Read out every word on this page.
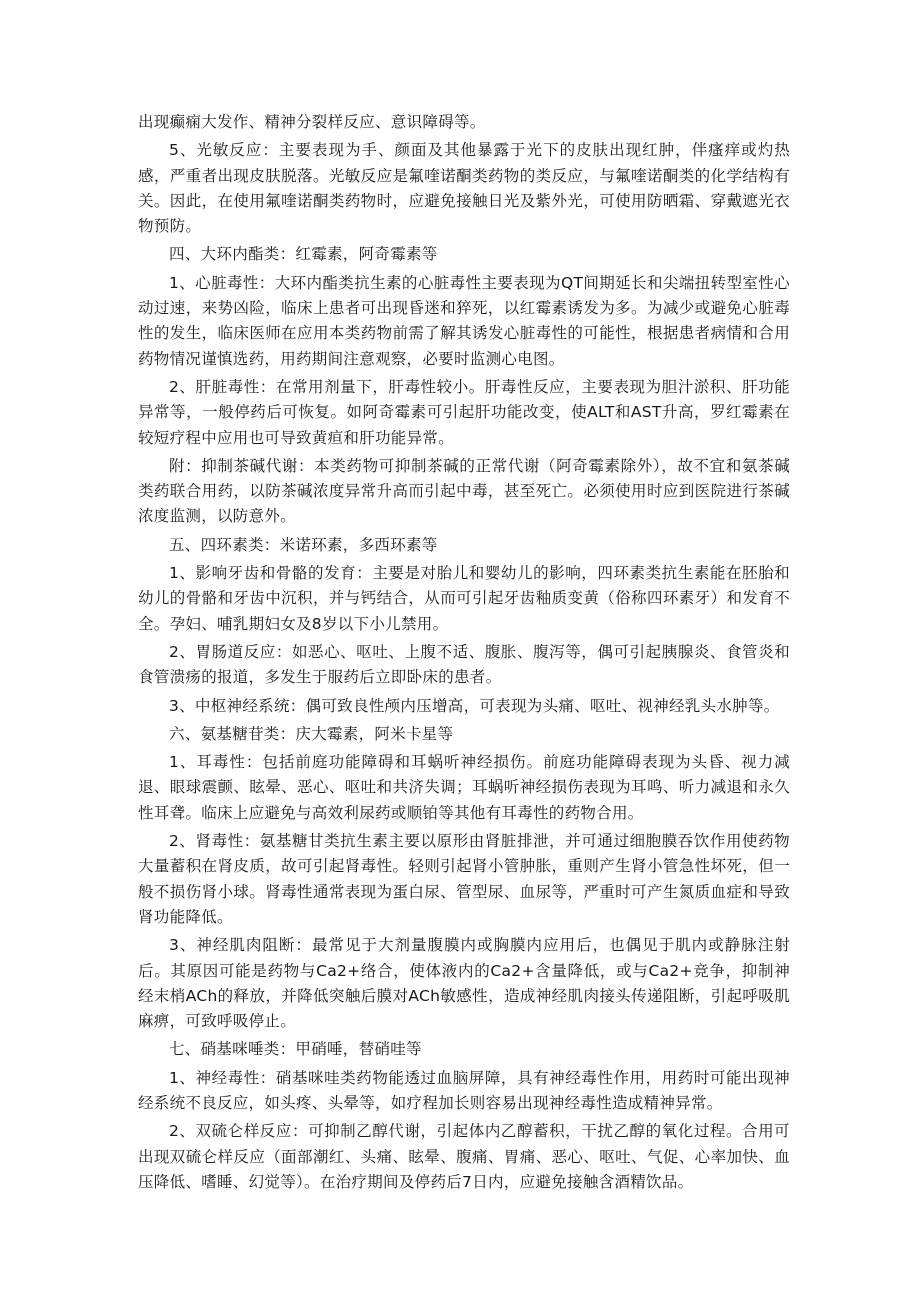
出现癫痫大发作、精神分裂样反应、意识障碍等。

5、光敏反应：主要表现为手、颜面及其他暴露于光下的皮肤出现红肿，伴瘙痒或灼热感，严重者出现皮肤脱落。光敏反应是氟喹诺酮类药物的类反应，与氟喹诺酮类的化学结构有关。因此，在使用氟喹诺酮类药物时，应避免接触日光及紫外光，可使用防晒霜、穿戴遮光衣物预防。

四、大环内酯类：红霉素，阿奇霉素等

1、心脏毒性：大环内酯类抗生素的心脏毒性主要表现为QT间期延长和尖端扭转型室性心动过速，来势凶险，临床上患者可出现昏迷和猝死，以红霉素诱发为多。为减少或避免心脏毒性的发生，临床医师在应用本类药物前需了解其诱发心脏毒性的可能性，根据患者病情和合用药物情况谨慎选药，用药期间注意观察，必要时监测心电图。

2、肝脏毒性：在常用剂量下，肝毒性较小。肝毒性反应，主要表现为胆汁淤积、肝功能异常等，一般停药后可恢复。如阿奇霉素可引起肝功能改变，使ALT和AST升高，罗红霉素在较短疗程中应用也可导致黄疸和肝功能异常。

附：抑制茶碱代谢：本类药物可抑制茶碱的正常代谢（阿奇霉素除外），故不宜和氨茶碱类药联合用药，以防茶碱浓度异常升高而引起中毒，甚至死亡。必须使用时应到医院进行茶碱浓度监测，以防意外。

五、四环素类：米诺环素，多西环素等

1、影响牙齿和骨骼的发育：主要是对胎儿和婴幼儿的影响，四环素类抗生素能在胚胎和幼儿的骨骼和牙齿中沉积，并与钙结合，从而可引起牙齿釉质变黄（俗称四环素牙）和发育不全。孕妇、哺乳期妇女及8岁以下小儿禁用。

2、胃肠道反应：如恶心、呕吐、上腹不适、腹胀、腹泻等，偶可引起胰腺炎、食管炎和食管溃疡的报道，多发生于服药后立即卧床的患者。

3、中枢神经系统：偶可致良性颅内压增高，可表现为头痛、呕吐、视神经乳头水肿等。

六、氨基糖苷类：庆大霉素，阿米卡星等

1、耳毒性：包括前庭功能障碍和耳蜗听神经损伤。前庭功能障碍表现为头昏、视力减退、眼球震颤、眩晕、恶心、呕吐和共济失调；耳蜗听神经损伤表现为耳鸣、听力减退和永久性耳聋。临床上应避免与高效利尿药或顺铂等其他有耳毒性的药物合用。

2、肾毒性：氨基糖甘类抗生素主要以原形由肾脏排泄，并可通过细胞膜吞饮作用使药物大量蓄积在肾皮质，故可引起肾毒性。轻则引起肾小管肿胀，重则产生肾小管急性坏死，但一般不损伤肾小球。肾毒性通常表现为蛋白尿、管型尿、血尿等，严重时可产生氮质血症和导致肾功能降低。

3、神经肌肉阻断：最常见于大剂量腹膜内或胸膜内应用后，也偶见于肌内或静脉注射后。其原因可能是药物与Ca2+络合，使体液内的Ca2+含量降低，或与Ca2+竞争，抑制神经末梢ACh的释放，并降低突触后膜对ACh敏感性，造成神经肌肉接头传递阻断，引起呼吸肌麻痹，可致呼吸停止。

七、硝基咪唾类：甲硝唾，替硝哇等

1、神经毒性：硝基咪哇类药物能透过血脑屏障，具有神经毒性作用，用药时可能出现神经系统不良反应，如头疼、头晕等，如疗程加长则容易出现神经毒性造成精神异常。

2、双硫仑样反应：可抑制乙醇代谢，引起体内乙醇蓄积，干扰乙醇的氧化过程。合用可出现双硫仑样反应（面部潮红、头痛、眩晕、腹痛、胃痛、恶心、呕吐、气促、心率加快、血压降低、嗜睡、幻觉等）。在治疗期间及停药后7日内，应避免接触含酒精饮品。
